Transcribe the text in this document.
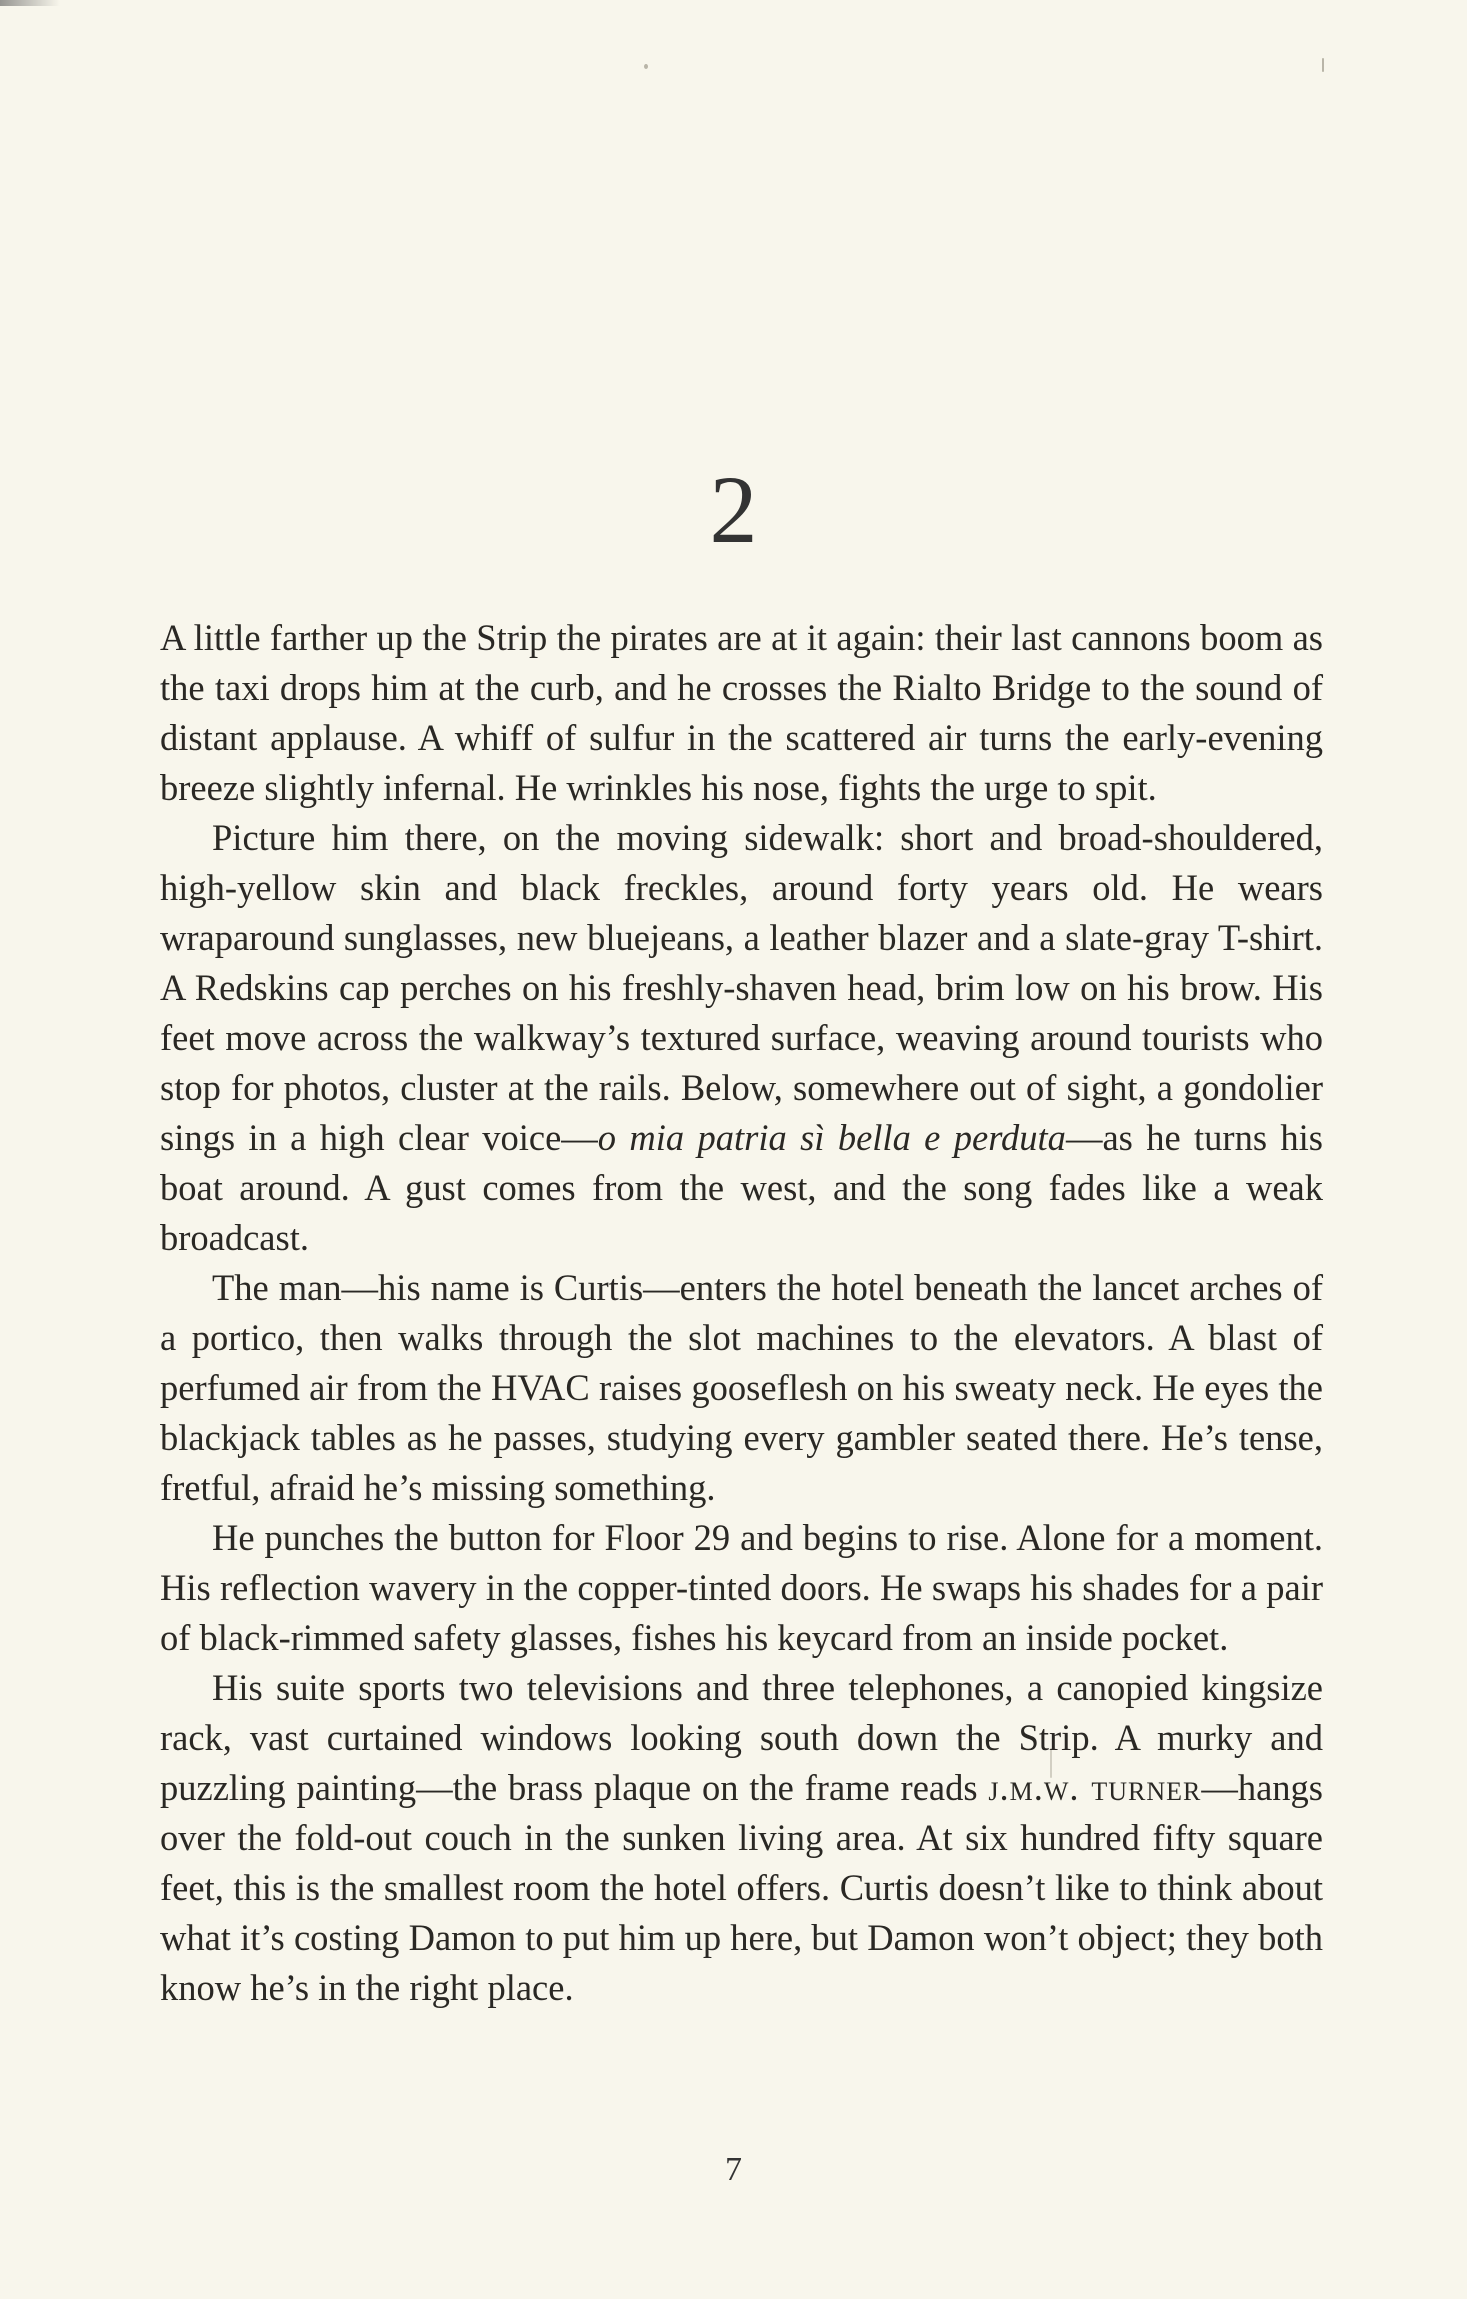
2

A little farther up the Strip the pirates are at it again: their last cannons boom as the taxi drops him at the curb, and he crosses the Rialto Bridge to the sound of distant applause. A whiff of sulfur in the scattered air turns the early-evening breeze slightly infernal. He wrinkles his nose, fights the urge to spit.

Picture him there, on the moving sidewalk: short and broad-shouldered, high-yellow skin and black freckles, around forty years old. He wears wraparound sunglasses, new bluejeans, a leather blazer and a slate-gray T-shirt. A Redskins cap perches on his freshly-shaven head, brim low on his brow. His feet move across the walkway’s textured surface, weaving around tourists who stop for photos, cluster at the rails. Below, somewhere out of sight, a gondolier sings in a high clear voice—o mia patria sì bella e perduta—as he turns his boat around. A gust comes from the west, and the song fades like a weak broadcast.

The man—his name is Curtis—enters the hotel beneath the lancet arches of a portico, then walks through the slot machines to the elevators. A blast of perfumed air from the HVAC raises gooseflesh on his sweaty neck. He eyes the blackjack tables as he passes, studying every gambler seated there. He’s tense, fretful, afraid he’s missing something.

He punches the button for Floor 29 and begins to rise. Alone for a moment. His reflection wavery in the copper-tinted doors. He swaps his shades for a pair of black-rimmed safety glasses, fishes his keycard from an inside pocket.

His suite sports two televisions and three telephones, a canopied kingsize rack, vast curtained windows looking south down the Strip. A murky and puzzling painting—the brass plaque on the frame reads j.m.w. turner—hangs over the fold-out couch in the sunken living area. At six hundred fifty square feet, this is the smallest room the hotel offers. Curtis doesn’t like to think about what it’s costing Damon to put him up here, but Damon won’t object; they both know he’s in the right place.

7
